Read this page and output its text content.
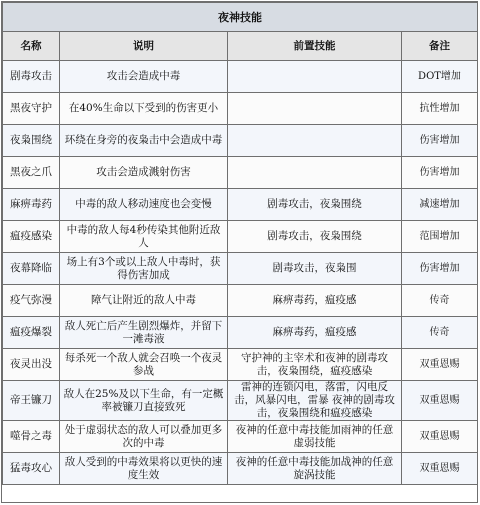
夜神技能			
名称	说明	前置技能	备注
剧毒攻击	攻击会造成中毒		DOT增加
黑夜守护	在40%生命以下受到的伤害更小		抗性增加
夜枭围绕	环绕在身旁的夜枭击中会造成中毒		伤害增加
黑夜之爪	攻击会造成溅射伤害		伤害增加
麻痹毒药	中毒的敌人移动速度也会变慢	剧毒攻击，夜枭围绕	减速增加
瘟疫感染	中毒的敌人每4秒传染其他附近敌人	剧毒攻击，夜枭围绕	范围增加
夜幕降临	场上有3个或以上敌人中毒时，获得伤害加成	剧毒攻击，夜枭围	伤害增加
疫气弥漫	障气让附近的敌人中毒	麻痹毒药，瘟疫感	传奇
瘟疫爆裂	敌人死亡后产生剧烈爆炸，并留下一滩毒液	麻痹毒药，瘟疫感	传奇
夜灵出没	每杀死一个敌人就会召唤一个夜灵参战	守护神的主宰术和夜神的剧毒攻击，夜枭围绕，瘟疫感染	双重恩赐
帝王镰刀	敌人在25%及以下生命，有一定概率被镰刀直接致死	雷神的连锁闪电，落雷，闪电反击，风暴闪电，雷暴 夜神的剧毒攻击，夜枭围绕和瘟疫感染	双重恩赐
噬骨之毒	处于虚弱状态的敌人可以叠加更多次的中毒	夜神的任意中毒技能加雨神的任意虚弱技能	双重恩赐
猛毒攻心	敌人受到的中毒效果将以更快的速度生效	夜神的任意中毒技能加战神的任意旋涡技能	双重恩赐
